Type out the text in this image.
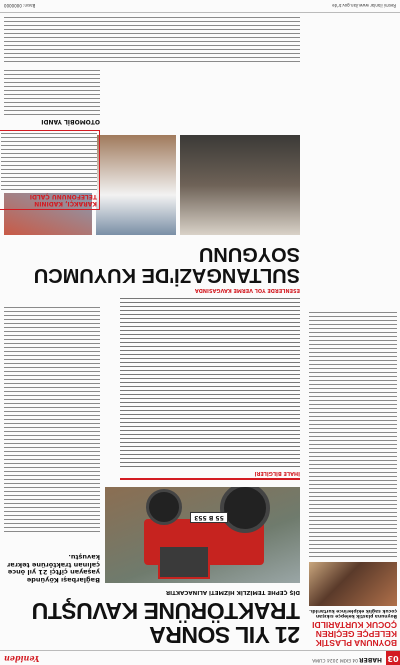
03
HABER
04 EKİM 2024 CUMA
Yeniden
BOYNUNA PLASTİK KELEPÇE GEÇİREN ÇOCUK KURTARILDI
Boynuna plastik kelepçe sıkışan çocuk sağlık ekiplerince kurtarıldı.
21 YIL SONRA TRAKTÖRÜNE KAVUŞTU
DİŞ ÇEPHE TEMİZLİK HİZMETİ ALINACAKTIR
55 B 553
Bağlarbaşı Köyünde yaşayan çiftçi 21 yıl önce çalınan traktörüne tekrar kavuştu.
İHALE BİLGİLERİ
ESENLERDE YOL VERME KAVGASINDA
SULTANGAZİ'DE KUYUMCU SOYGUNU
KARAKÇI, KADININ TELEFONUNU ÇALDI
OTOMOBİL YANDI
Resmi ilanlar www.ilan.gov.tr'de
Basın: 0000000
